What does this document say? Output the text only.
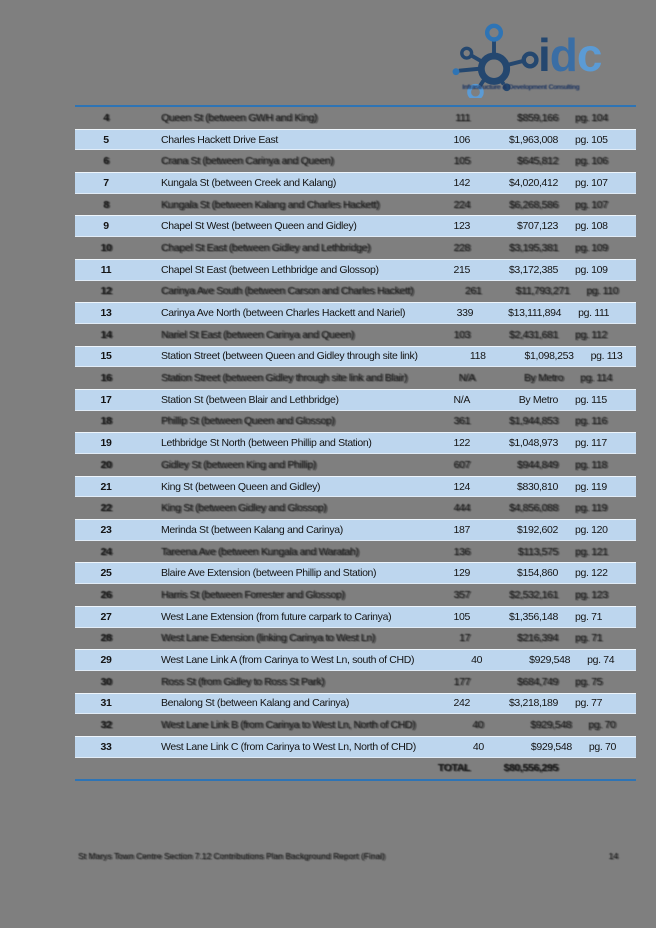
idc
Infrastructure & Development Consulting
4	Queen St (between GWH and King)	111	$859,166	pg. 104
5	Charles Hackett Drive East	106	$1,963,008	pg. 105
6	Crana St (between Carinya and Queen)	105	$645,812	pg. 106
7	Kungala St (between Creek and Kalang)	142	$4,020,412	pg. 107
8	Kungala St (between Kalang and Charles Hackett)	224	$6,268,586	pg. 107
9	Chapel St West (between Queen and Gidley)	123	$707,123	pg. 108
10	Chapel St East (between Gidley and Lethbridge)	228	$3,195,381	pg. 109
11	Chapel St East (between Lethbridge and Glossop)	215	$3,172,385	pg. 109
12	Carinya Ave South (between Carson and Charles Hackett)	261	$11,793,271	pg. 110
13	Carinya Ave North (between Charles Hackett and Nariel)	339	$13,111,894	pg. 111
14	Nariel St East (between Carinya and Queen)	103	$2,431,681	pg. 112
15	Station Street (between Queen and Gidley through site link)	118	$1,098,253	pg. 113
16	Station Street (between Gidley through site link and Blair)	N/A	By Metro	pg. 114
17	Station St (between Blair and Lethbridge)	N/A	By Metro	pg. 115
18	Phillip St (between Queen and Glossop)	361	$1,944,853	pg. 116
19	Lethbridge St North (between Phillip and Station)	122	$1,048,973	pg. 117
20	Gidley St (between King and Phillip)	607	$944,849	pg. 118
21	King St (between Queen and Gidley)	124	$830,810	pg. 119
22	King St (between Gidley and Glossop)	444	$4,856,088	pg. 119
23	Merinda St (between Kalang and Carinya)	187	$192,602	pg. 120
24	Tareena Ave (between Kungala and Waratah)	136	$113,575	pg. 121
25	Blaire Ave Extension (between Phillip and Station)	129	$154,860	pg. 122
26	Harris St (between Forrester and Glossop)	357	$2,532,161	pg. 123
27	West Lane Extension (from future carpark to Carinya)	105	$1,356,148	pg. 71
28	West Lane Extension (linking Carinya to West Ln)	17	$216,394	pg. 71
29	West Lane Link A (from Carinya to West Ln, south of CHD)	40	$929,548	pg. 74
30	Ross St (from Gidley to Ross St Park)	177	$684,749	pg. 75
31	Benalong St (between Kalang and Carinya)	242	$3,218,189	pg. 77
32	West Lane Link B (from Carinya to West Ln, North of CHD)	40	$929,548	pg. 70
33	West Lane Link C (from Carinya to West Ln, North of CHD)	40	$929,548	pg. 70
TOTAL	$80,556,295
St Marys Town Centre Section 7.12 Contributions Plan Background Report (Final)	14
